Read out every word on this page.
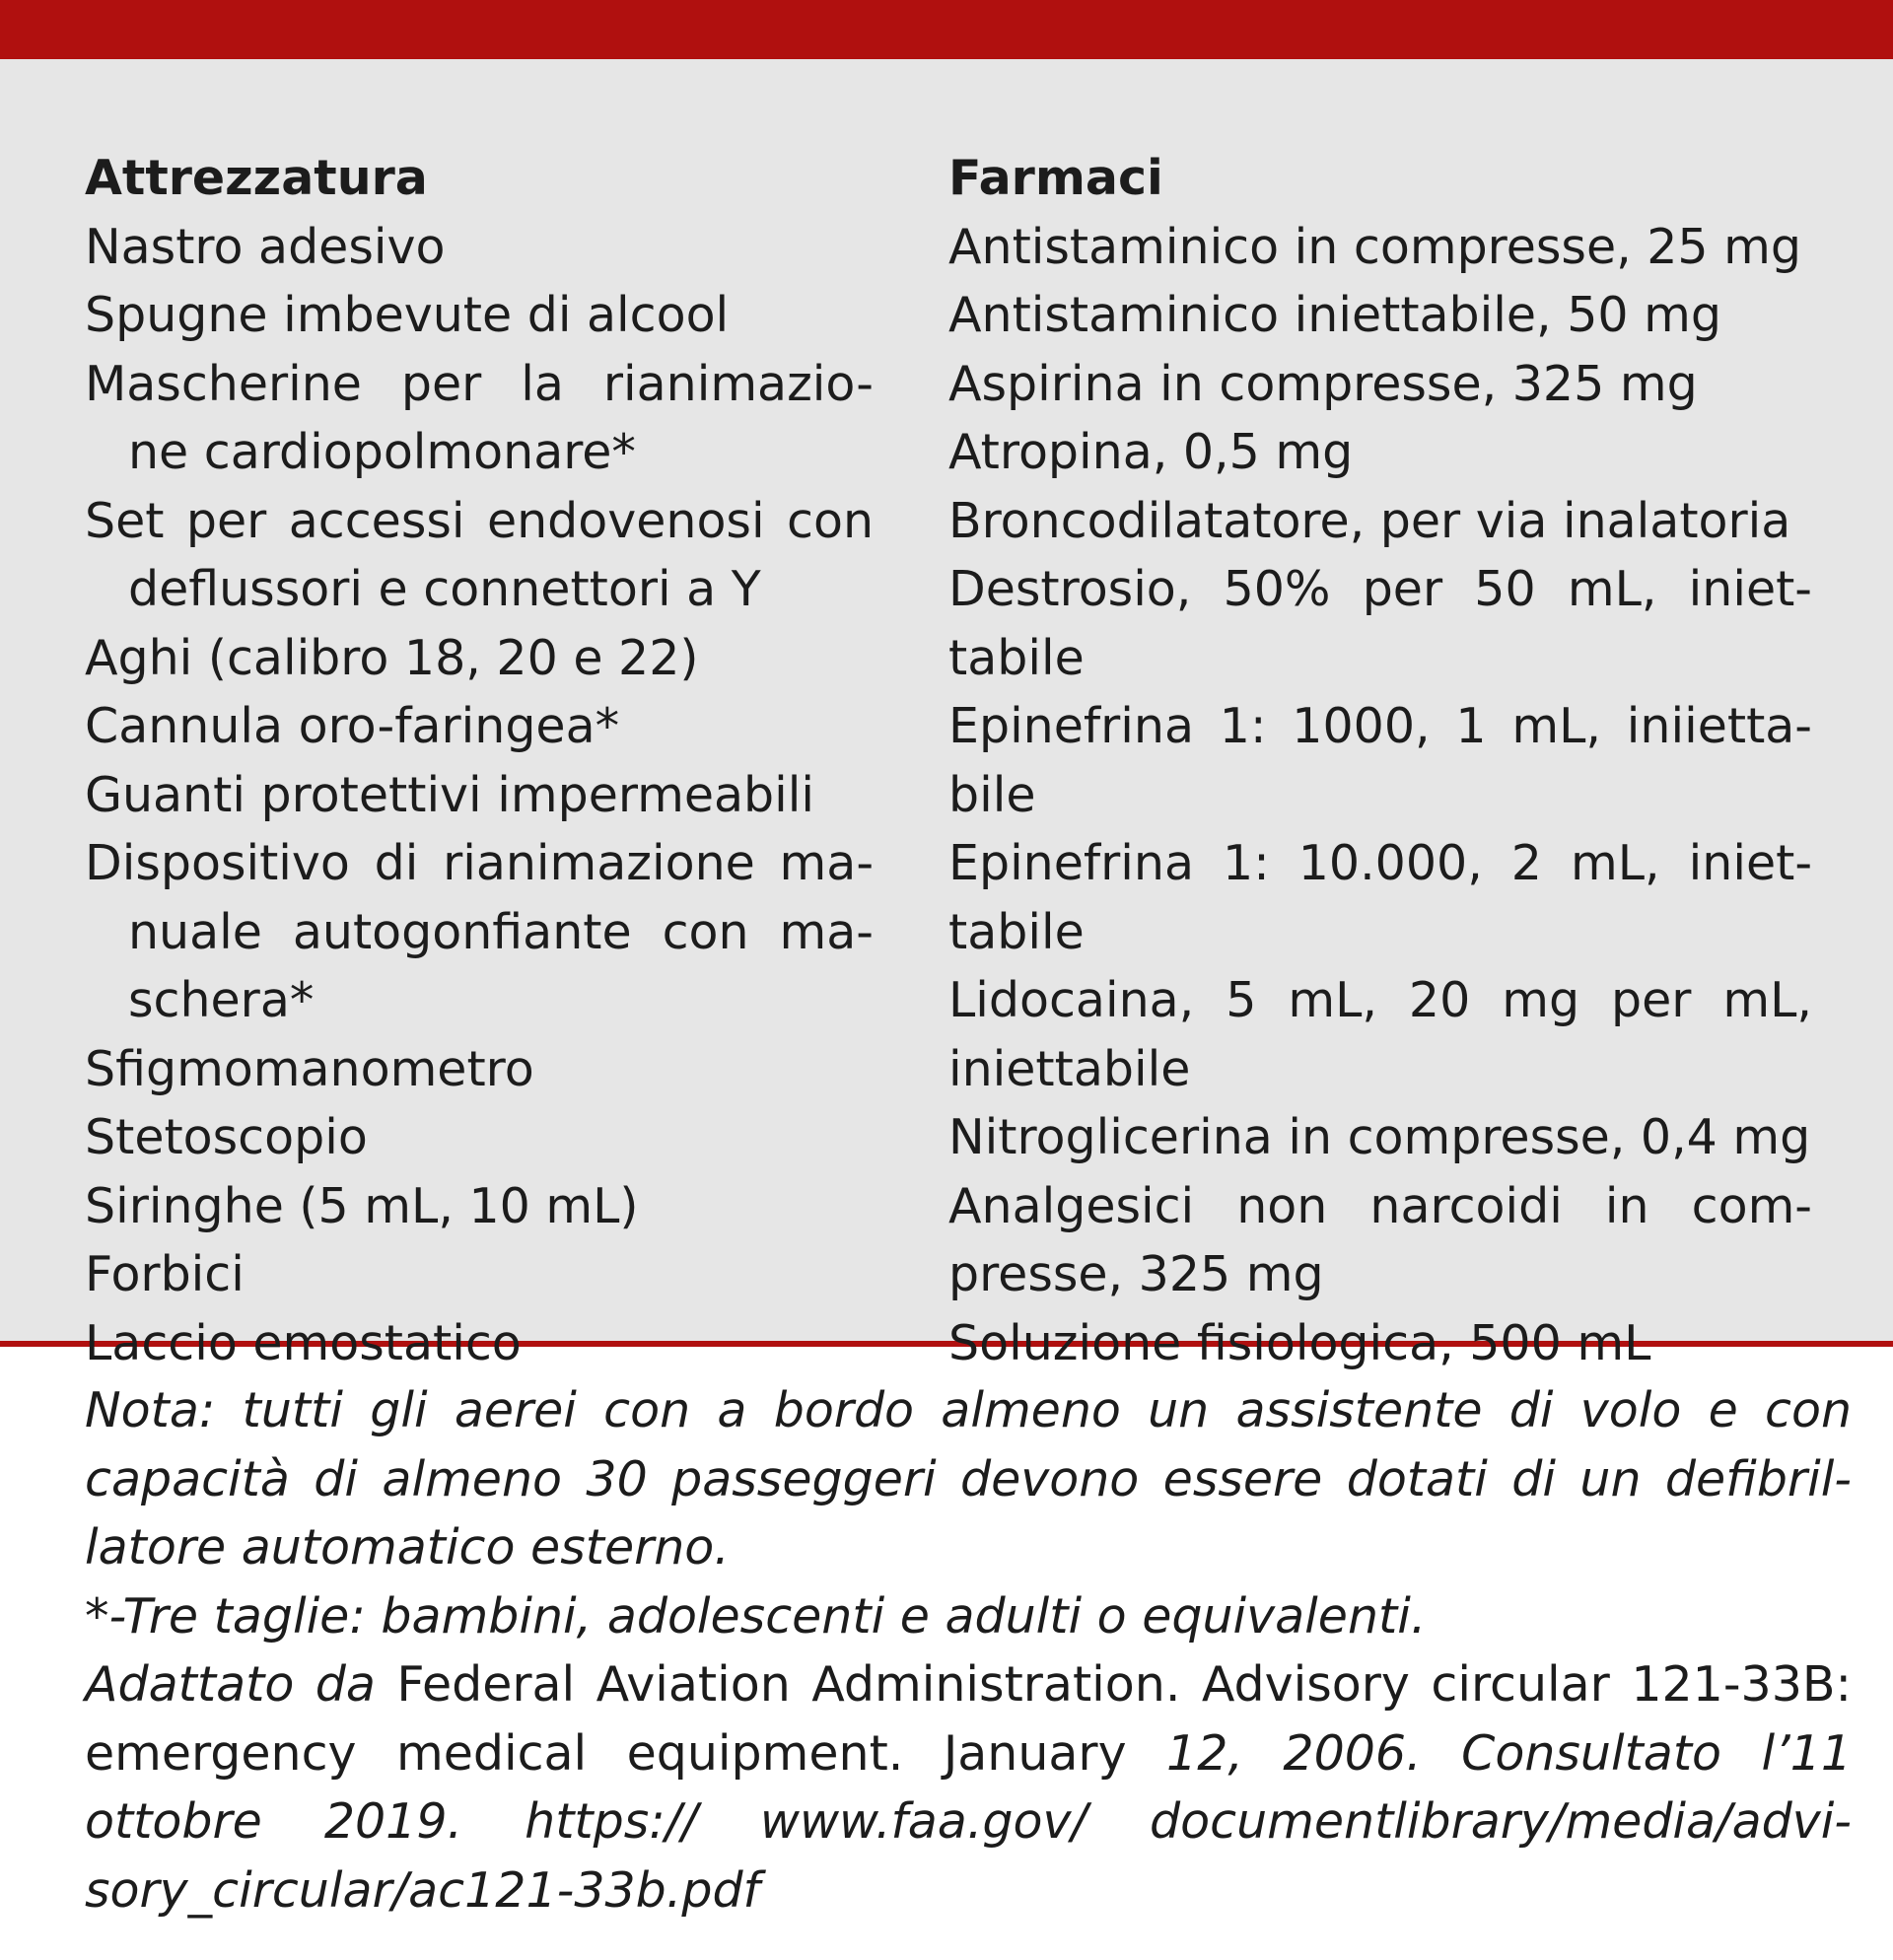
Attrezzatura
Nastro adesivo
Spugne imbevute di alcool
Mascherine per la rianimazio-
ne cardiopolmonare*
Set per accessi endovenosi con
deflussori e connettori a Y
Aghi (calibro 18, 20 e 22)
Cannula oro-faringea*
Guanti protettivi impermeabili
Dispositivo di rianimazione ma-
nuale autogonfiante con ma-
schera*
Sfigmomanometro
Stetoscopio
Siringhe (5 mL, 10 mL)
Forbici
Laccio emostatico
Farmaci
Antistaminico in compresse, 25 mg
Antistaminico iniettabile, 50 mg
Aspirina in compresse, 325 mg
Atropina, 0,5 mg
Broncodilatatore, per via inalatoria
Destrosio, 50% per 50 mL, iniet-
tabile
Epinefrina 1: 1000, 1 mL, iniietta-
bile
Epinefrina 1: 10.000, 2 mL, iniet-
tabile
Lidocaina, 5 mL, 20 mg per mL,
iniettabile
Nitroglicerina in compresse, 0,4 mg
Analgesici non narcoidi in com-
presse, 325 mg
Soluzione fisiologica, 500 mL
Nota: tutti gli aerei con a bordo almeno un assistente di volo e con
capacità di almeno 30 passeggeri devono essere dotati di un defibril-
latore automatico esterno.
*-Tre taglie: bambini, adolescenti e adulti o equivalenti.
Adattato da Federal Aviation Administration. Advisory circular 121-33B: emergency medical equipment. January 12, 2006. Consultato l’11 ottobre 2019. https:// www.faa.gov/ documentlibrary/media/advi-sory_circular/ac121-33b.pdf
